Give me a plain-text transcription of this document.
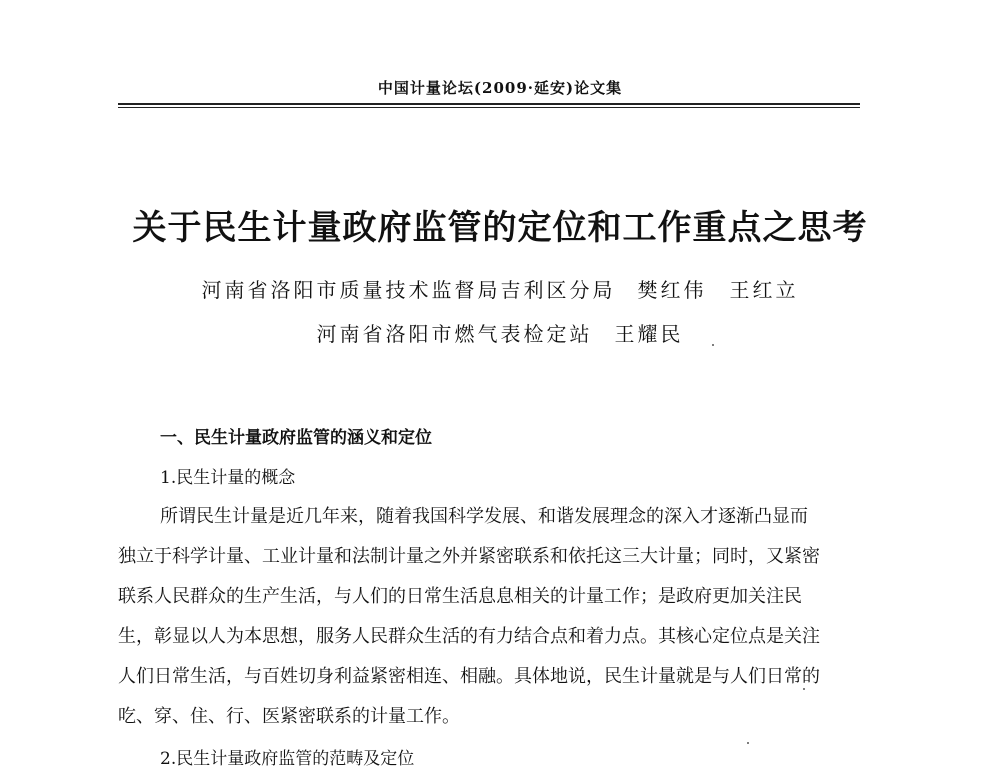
中国计量论坛(2009·延安)论文集
关于民生计量政府监管的定位和工作重点之思考
河南省洛阳市质量技术监督局吉利区分局 樊红伟　王红立
河南省洛阳市燃气表检定站 王耀民
一、民生计量政府监管的涵义和定位
1.民生计量的概念
所谓民生计量是近几年来，随着我国科学发展、和谐发展理念的深入才逐渐凸显而
独立于科学计量、工业计量和法制计量之外并紧密联系和依托这三大计量；同时，又紧密
联系人民群众的生产生活，与人们的日常生活息息相关的计量工作；是政府更加关注民
生，彰显以人为本思想，服务人民群众生活的有力结合点和着力点。其核心定位点是关注
人们日常生活，与百姓切身利益紧密相连、相融。具体地说，民生计量就是与人们日常的
吃、穿、住、行、医紧密联系的计量工作。
2.民生计量政府监管的范畴及定位
